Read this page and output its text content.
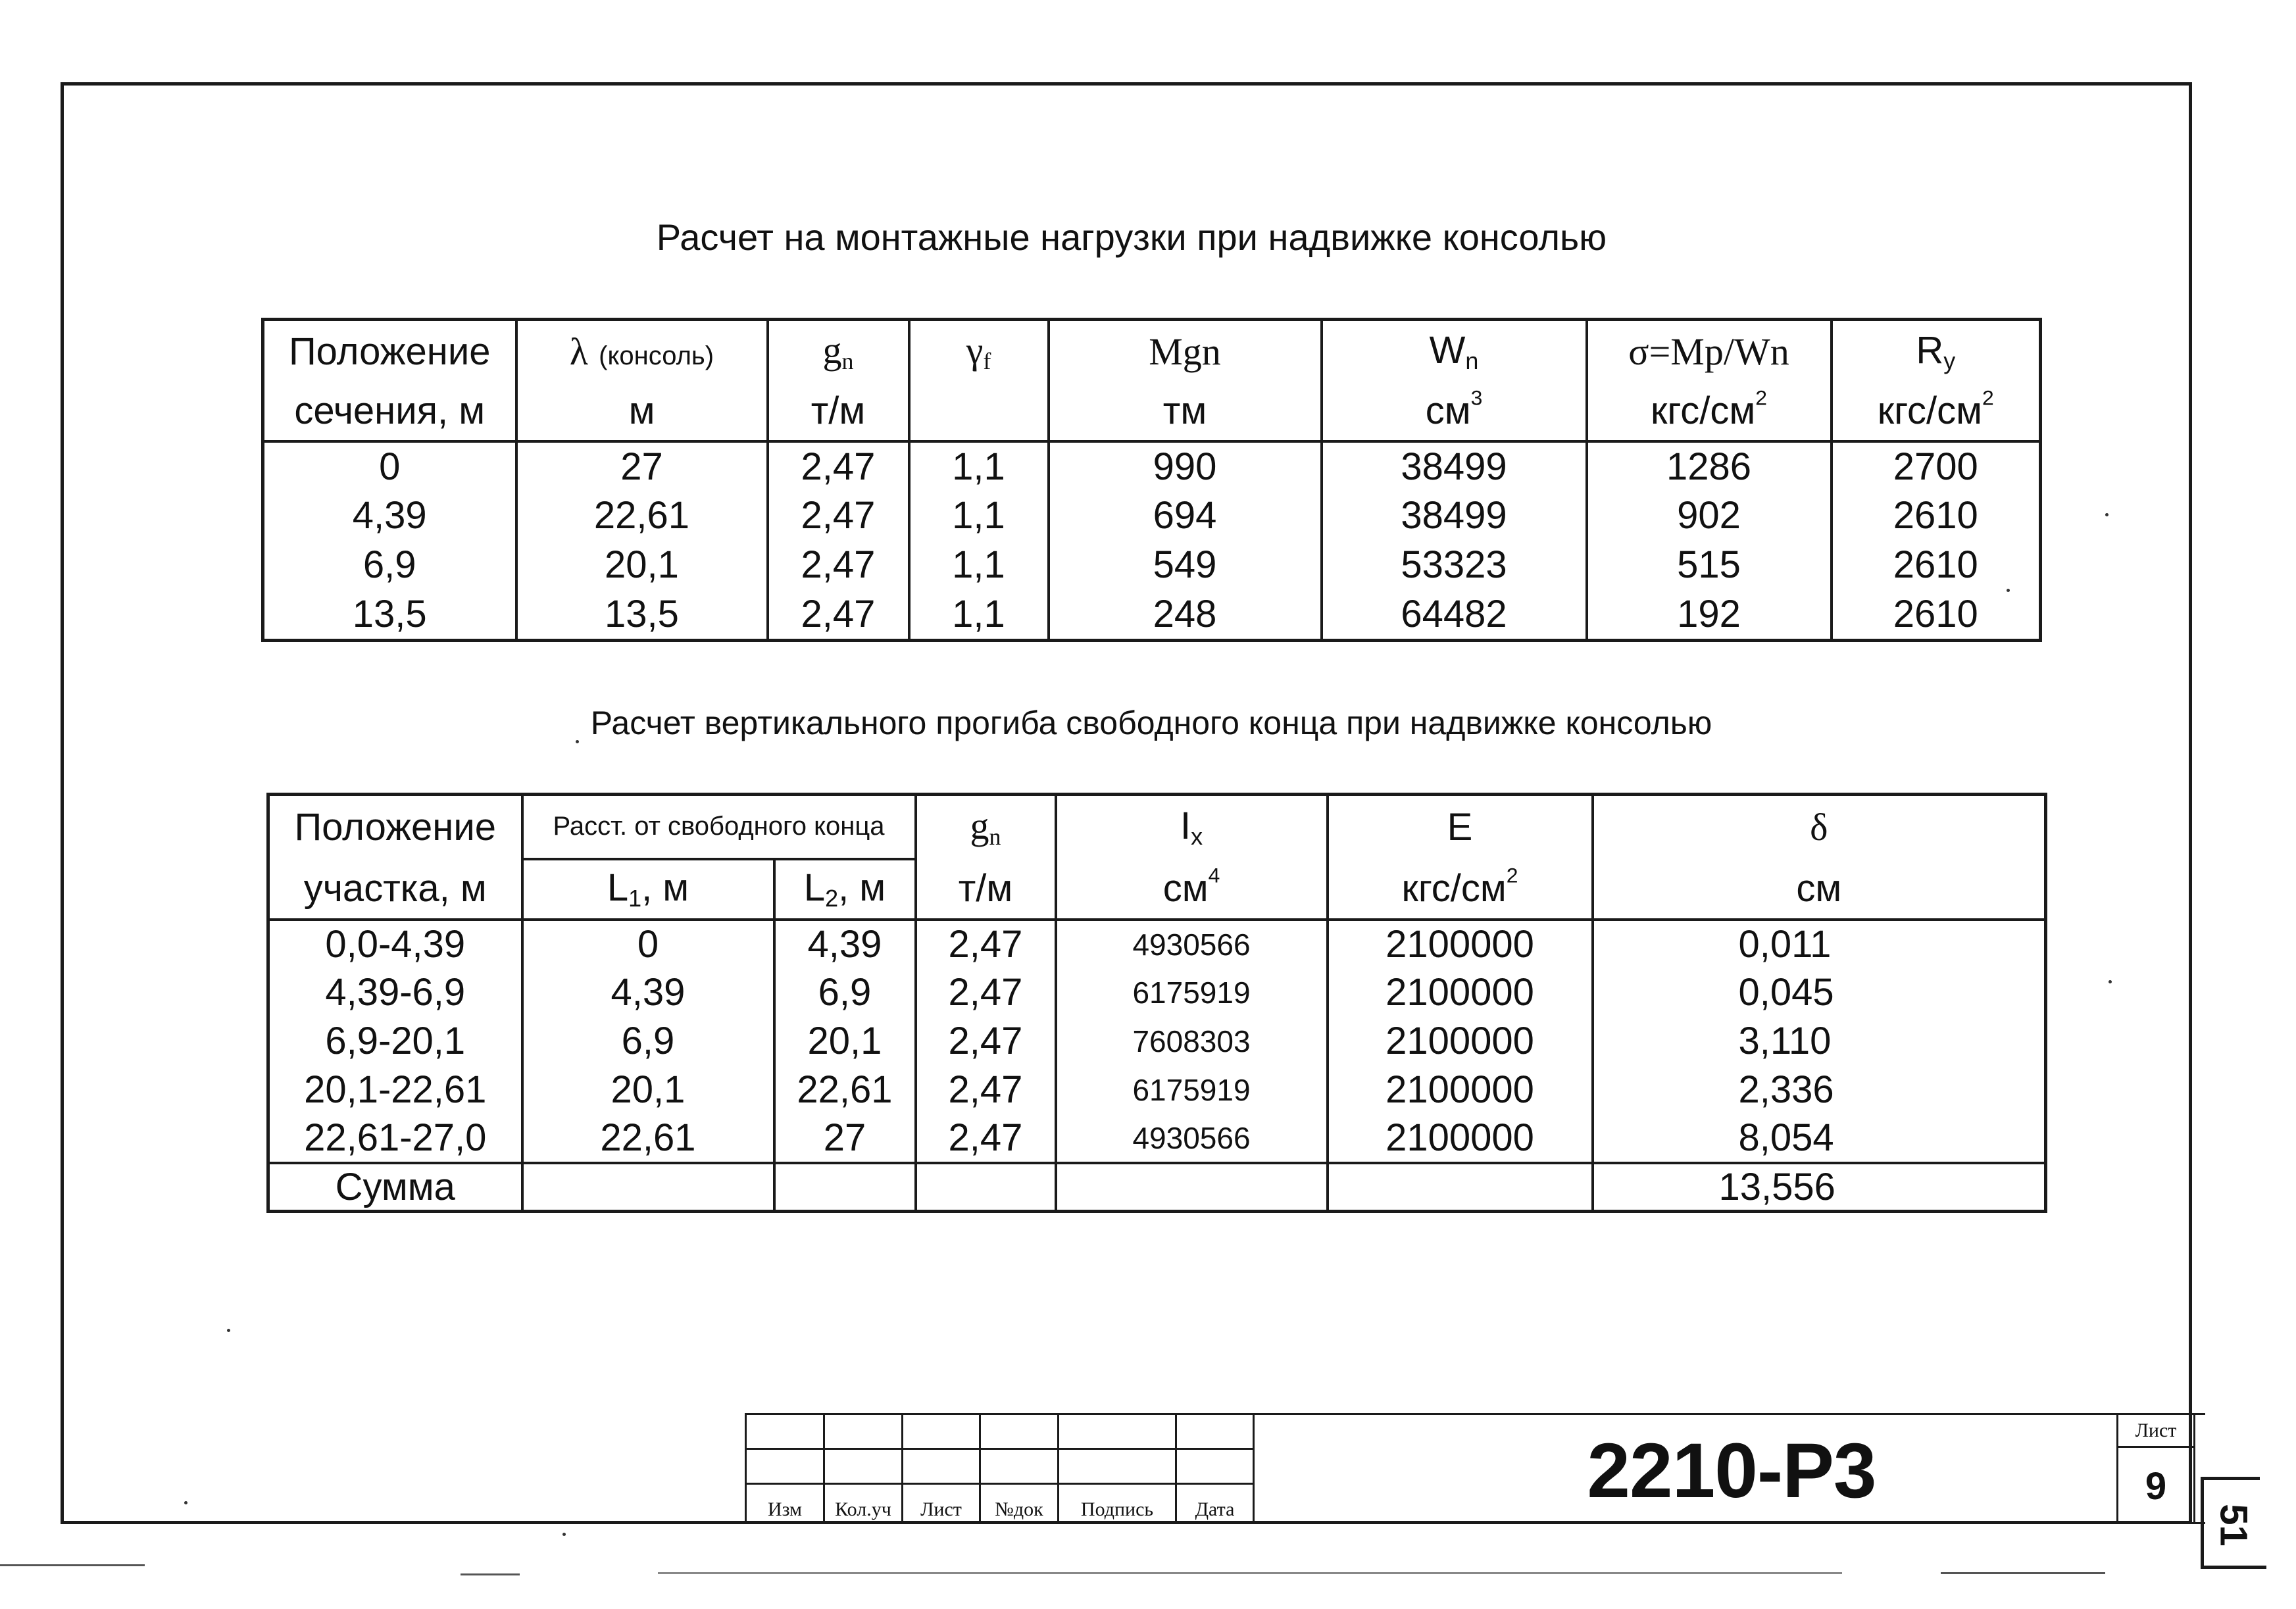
Расчет на монтажные нагрузки при надвижке консолью
Положение	λ (консоль)	$g_n$	$\gamma_f$	Mgn	$W_n$	σ=Mp/Wn	$R_y$
сечения, м	м	т/м		тм	$см^3$	кгс/$см^2$	кгс/$см^2$
0	27	2,47	1,1	990	38499	1286	2700
4,39	22,61	2,47	1,1	694	38499	902	2610
6,9	20,1	2,47	1,1	549	53323	515	2610
13,5	13,5	2,47	1,1	248	64482	192	2610
Расчет вертикального прогиба свободного конца при надвижке консолью
Положение	Расст. от свободного конца		$g_n$	$I_x$	E	δ
участка, м	$L_1$, м	$L_2$, м	т/м	$см^4$	кгс/$см^2$	см
0,0-4,39	0	4,39	2,47	4930566	2100000	0,011
4,39-6,9	4,39	6,9	2,47	6175919	2100000	0,045
6,9-20,1	6,9	20,1	2,47	7608303	2100000	3,110
20,1-22,61	20,1	22,61	2,47	6175919	2100000	2,336
22,61-27,0	22,61	27	2,47	4930566	2100000	8,054
Сумма						13,556
Изм	Кол.уч	Лист	№док	Подпись	Дата	2210-Р3	Лист
9
51
